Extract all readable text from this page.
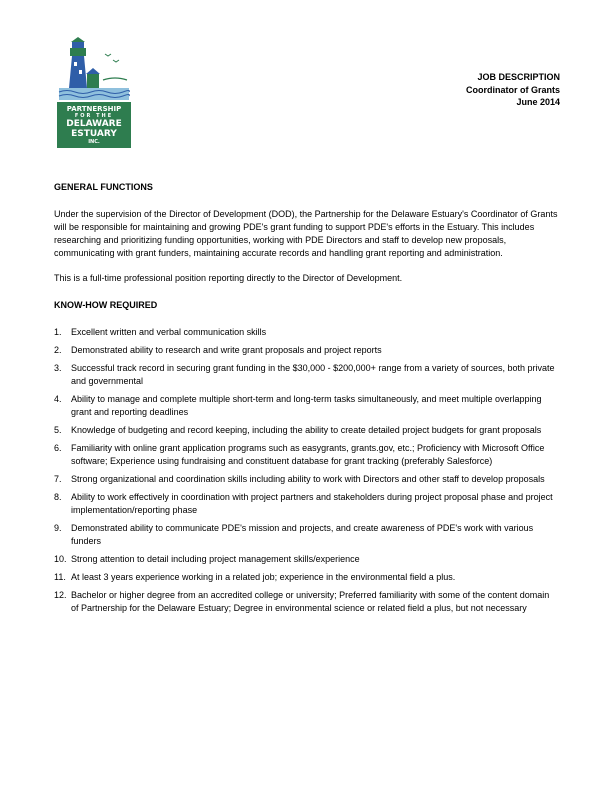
PARTNERSHIP
FOR THE
DELAWARE
ESTUARY
INC.
JOB DESCRIPTION
Coordinator of Grants
June 2014

GENERAL FUNCTIONS

Under the supervision of the Director of Development (DOD), the Partnership for the Delaware Estuary's Coordinator of Grants will be responsible for maintaining and growing PDE's grant funding to support PDE's efforts in the Estuary. This includes researching and prioritizing funding opportunities, working with PDE Directors and staff to develop new proposals, communicating with grant funders, maintaining accurate records and handling grant reporting and administration.

This is a full-time professional position reporting directly to the Director of Development.

KNOW-HOW REQUIRED

1. Excellent written and verbal communication skills
2. Demonstrated ability to research and write grant proposals and project reports
3. Successful track record in securing grant funding in the $30,000 - $200,000+ range from a variety of sources, both private and governmental
4. Ability to manage and complete multiple short-term and long-term tasks simultaneously, and meet multiple overlapping grant and reporting deadlines
5. Knowledge of budgeting and record keeping, including the ability to create detailed project budgets for grant proposals
6. Familiarity with online grant application programs such as easygrants, grants.gov, etc.; Proficiency with Microsoft Office software; Experience using fundraising and constituent database for grant tracking (preferably Salesforce)
7. Strong organizational and coordination skills including ability to work with Directors and other staff to develop proposals
8. Ability to work effectively in coordination with project partners and stakeholders during project proposal phase and project implementation/reporting phase
9. Demonstrated ability to communicate PDE's mission and projects, and create awareness of PDE's work with various funders
10. Strong attention to detail including project management skills/experience
11. At least 3 years experience working in a related job; experience in the environmental field a plus.
12. Bachelor or higher degree from an accredited college or university; Preferred familiarity with some of the content domain of Partnership for the Delaware Estuary; Degree in environmental science or related field a plus, but not necessary
